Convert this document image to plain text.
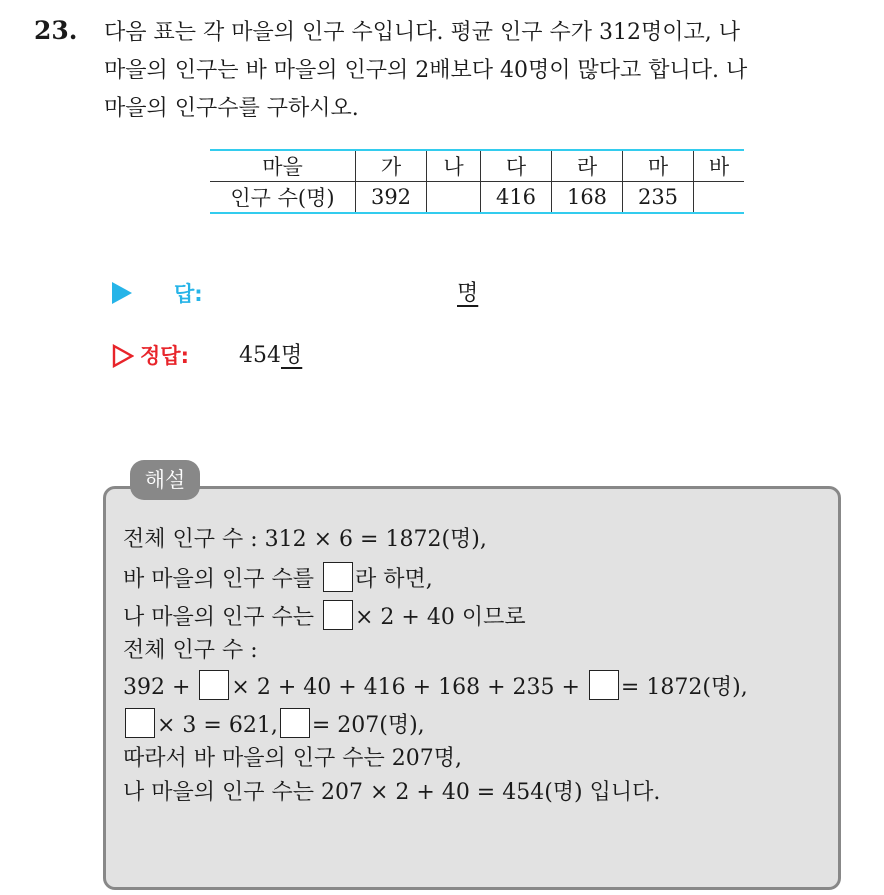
23. 다음 표는 각 마을의 인구 수입니다. 평균 인구 수가 312명이고, 나
마을의 인구는 바 마을의 인구의 2배보다 40명이 많다고 합니다. 나
마을의 인구수를 구하시오.
마을	가	나	다	라	마	바
인구 수(명)	392		416	168	235	
답:	명
정답: 454명
해설
전체 인구 수 : 312 × 6 = 1872(명),
바 마을의 인구 수를 라 하면,
나 마을의 인구 수는 × 2 + 40 이므로
전체 인구 수 :
392 + × 2 + 40 + 416 + 168 + 235 + = 1872(명),
× 3 = 621, = 207(명),
따라서 바 마을의 인구 수는 207명,
나 마을의 인구 수는 207 × 2 + 40 = 454(명) 입니다.
